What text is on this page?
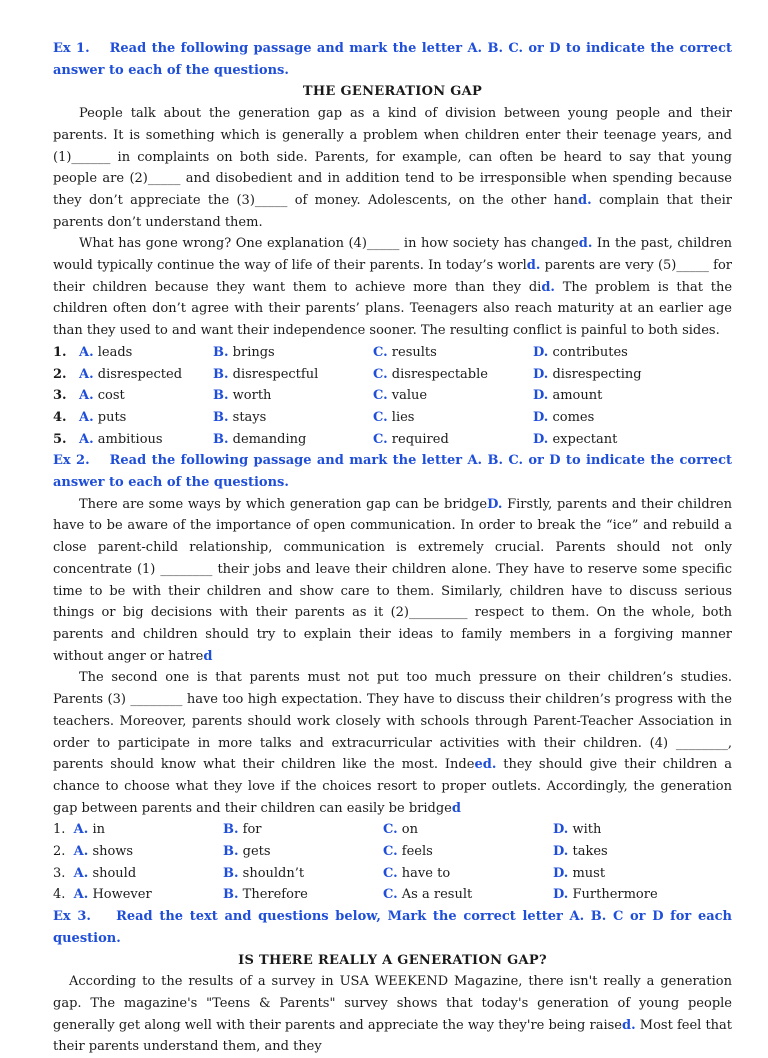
Ex 1. Read the following passage and mark the letter A. B. C. or D to indicate the correct answer to each of the questions.

THE GENERATION GAP

People talk about the generation gap as a kind of division between young people and their parents. It is something which is generally a problem when children enter their teenage years, and (1)______ in complaints on both side. Parents, for example, can often be heard to say that young people are (2)_____ and disobedient and in addition tend to be irresponsible when spending because they don’t appreciate the (3)_____ of money. Adolescents, on the other hand. complain that their parents don’t understand them.

What has gone wrong? One explanation (4)_____ in how society has changed. In the past, children would typically continue the way of life of their parents. In today’s world. parents are very (5)_____ for their children because they want them to achieve more than they did. The problem is that the children often don’t agree with their parents’ plans. Teenagers also reach maturity at an earlier age than they used to and want their independence sooner. The resulting conflict is painful to both sides.

1. A. leads	B. brings	C. results	D. contributes
2. A. disrespected	B. disrespectful	C. disrespectable	D. disrespecting
3. A. cost	B. worth	C. value	D. amount
4. A. puts	B. stays	C. lies	D. comes
5. A. ambitious	B. demanding	C. required	D. expectant

Ex 2. Read the following passage and mark the letter A. B. C. or D to indicate the correct answer to each of the questions.

There are some ways by which generation gap can be bridgeD. Firstly, parents and their children have to be aware of the importance of open communication. In order to break the “ice” and rebuild a close parent-child relationship, communication is extremely crucial. Parents should not only concentrate (1) ________ their jobs and leave their children alone. They have to reserve some specific time to be with their children and show care to them. Similarly, children have to discuss serious things or big decisions with their parents as it (2)_________ respect to them. On the whole, both parents and children should try to explain their ideas to family members in a forgiving manner without anger or hatred

The second one is that parents must not put too much pressure on their children’s studies. Parents (3) ________ have too high expectation. They have to discuss their children’s progress with the teachers. Moreover, parents should work closely with schools through Parent-Teacher Association in order to participate in more talks and extracurricular activities with their children. (4) ________, parents should know what their children like the most. Indeed. they should give their children a chance to choose what they love if the choices resort to proper outlets. Accordingly, the generation gap between parents and their children can easily be bridged

1. A. in	B. for	C. on	D. with
2. A. shows	B. gets	C. feels	D. takes
3. A. should	B. shouldn’t	C. have to	D. must
4. A. However	B. Therefore	C. As a result	D. Furthermore

Ex 3. Read the text and questions below, Mark the correct letter A. B. C or D for each question.

IS THERE REALLY A GENERATION GAP?

According to the results of a survey in USA WEEKEND Magazine, there isn't really a generation gap. The magazine's "Teens & Parents" survey shows that today's generation of young people generally get along well with their parents and appreciate the way they're being raised. Most feel that their parents understand them, and they
